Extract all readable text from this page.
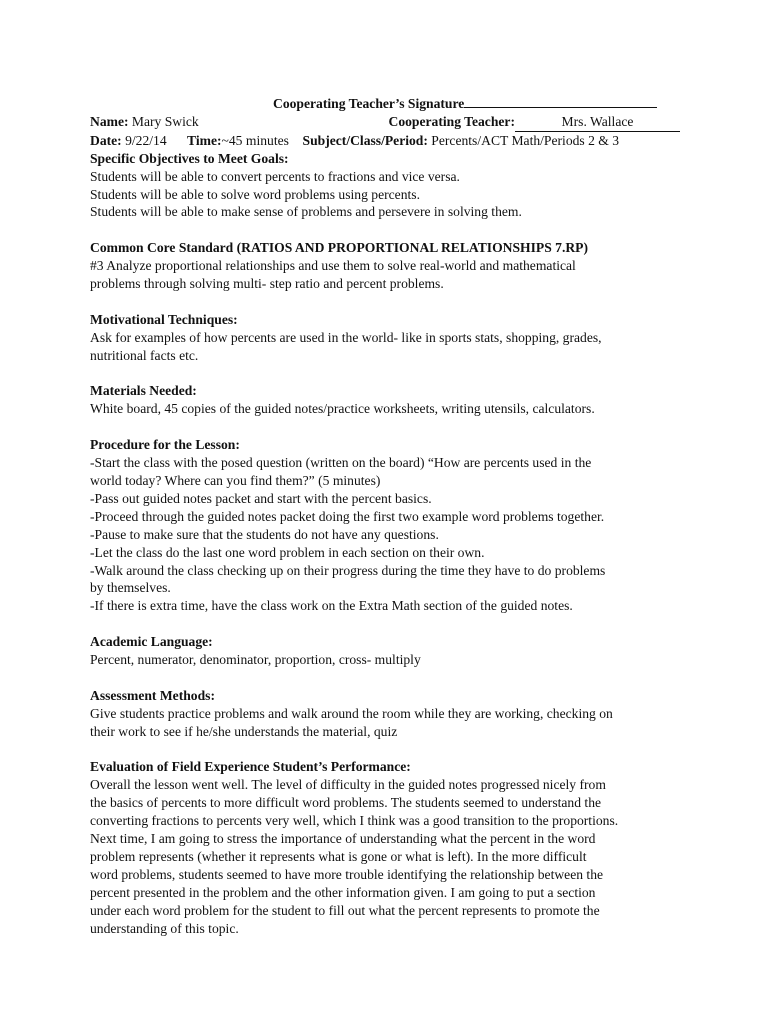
Cooperating Teacher’s Signature
Name: Mary Swick	Cooperating Teacher:	Mrs. Wallace
Date: 9/22/14 Time:~45 minutes Subject/Class/Period: Percents/ACT Math/Periods 2 & 3
Specific Objectives to Meet Goals:
Students will be able to convert percents to fractions and vice versa.
Students will be able to solve word problems using percents.
Students will be able to make sense of problems and persevere in solving them.
Common Core Standard (RATIOS AND PROPORTIONAL RELATIONSHIPS 7.RP)
#3 Analyze proportional relationships and use them to solve real-world and mathematical
problems through solving multi- step ratio and percent problems.
Motivational Techniques:
Ask for examples of how percents are used in the world- like in sports stats, shopping, grades,
nutritional facts etc.
Materials Needed:
White board, 45 copies of the guided notes/practice worksheets, writing utensils, calculators.
Procedure for the Lesson:
-Start the class with the posed question (written on the board) “How are percents used in the
world today? Where can you find them?” (5 minutes)
-Pass out guided notes packet and start with the percent basics.
-Proceed through the guided notes packet doing the first two example word problems together.
-Pause to make sure that the students do not have any questions.
-Let the class do the last one word problem in each section on their own.
-Walk around the class checking up on their progress during the time they have to do problems
by themselves.
-If there is extra time, have the class work on the Extra Math section of the guided notes.
Academic Language:
Percent, numerator, denominator, proportion, cross- multiply
Assessment Methods:
Give students practice problems and walk around the room while they are working, checking on
their work to see if he/she understands the material, quiz
Evaluation of Field Experience Student’s Performance:
Overall the lesson went well. The level of difficulty in the guided notes progressed nicely from
the basics of percents to more difficult word problems. The students seemed to understand the
converting fractions to percents very well, which I think was a good transition to the proportions.
Next time, I am going to stress the importance of understanding what the percent in the word
problem represents (whether it represents what is gone or what is left). In the more difficult
word problems, students seemed to have more trouble identifying the relationship between the
percent presented in the problem and the other information given. I am going to put a section
under each word problem for the student to fill out what the percent represents to promote the
understanding of this topic.
